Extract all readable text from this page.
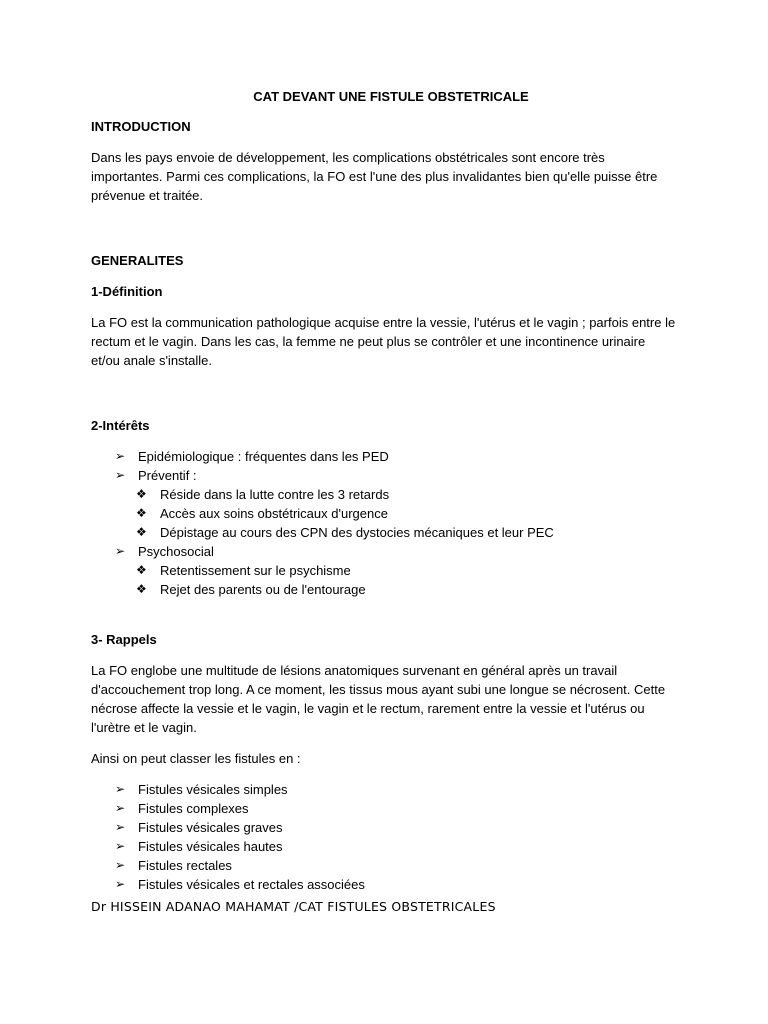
CAT DEVANT UNE FISTULE OBSTETRICALE

INTRODUCTION

Dans les pays envoie de développement, les complications obstétricales sont encore très
importantes. Parmi ces complications, la FO est l'une des plus invalidantes bien qu'elle puisse être
prévenue et traitée.

GENERALITES

1-Définition

La FO est la communication pathologique acquise entre la vessie, l'utérus et le vagin ; parfois entre le
rectum et le vagin. Dans les cas, la femme ne peut plus se contrôler et une incontinence urinaire
et/ou anale s'installe.

2-Intérêts

➢ Epidémiologique : fréquentes dans les PED
➢ Préventif :
❖ Réside dans la lutte contre les 3 retards
❖ Accès aux soins obstétricaux d'urgence
❖ Dépistage au cours des CPN des dystocies mécaniques et leur PEC
➢ Psychosocial
❖ Retentissement sur le psychisme
❖ Rejet des parents ou de l'entourage

3- Rappels

La FO englobe une multitude de lésions anatomiques survenant en général après un travail
d'accouchement trop long. A ce moment, les tissus mous ayant subi une longue se nécrosent. Cette
nécrose affecte la vessie et le vagin, le vagin et le rectum, rarement entre la vessie et l'utérus ou
l'urètre et le vagin.

Ainsi on peut classer les fistules en :

➢ Fistules vésicales simples
➢ Fistules complexes
➢ Fistules vésicales graves
➢ Fistules vésicales hautes
➢ Fistules rectales
➢ Fistules vésicales et rectales associées

Dr HISSEIN ADANAO MAHAMAT /CAT FISTULES OBSTETRICALES
